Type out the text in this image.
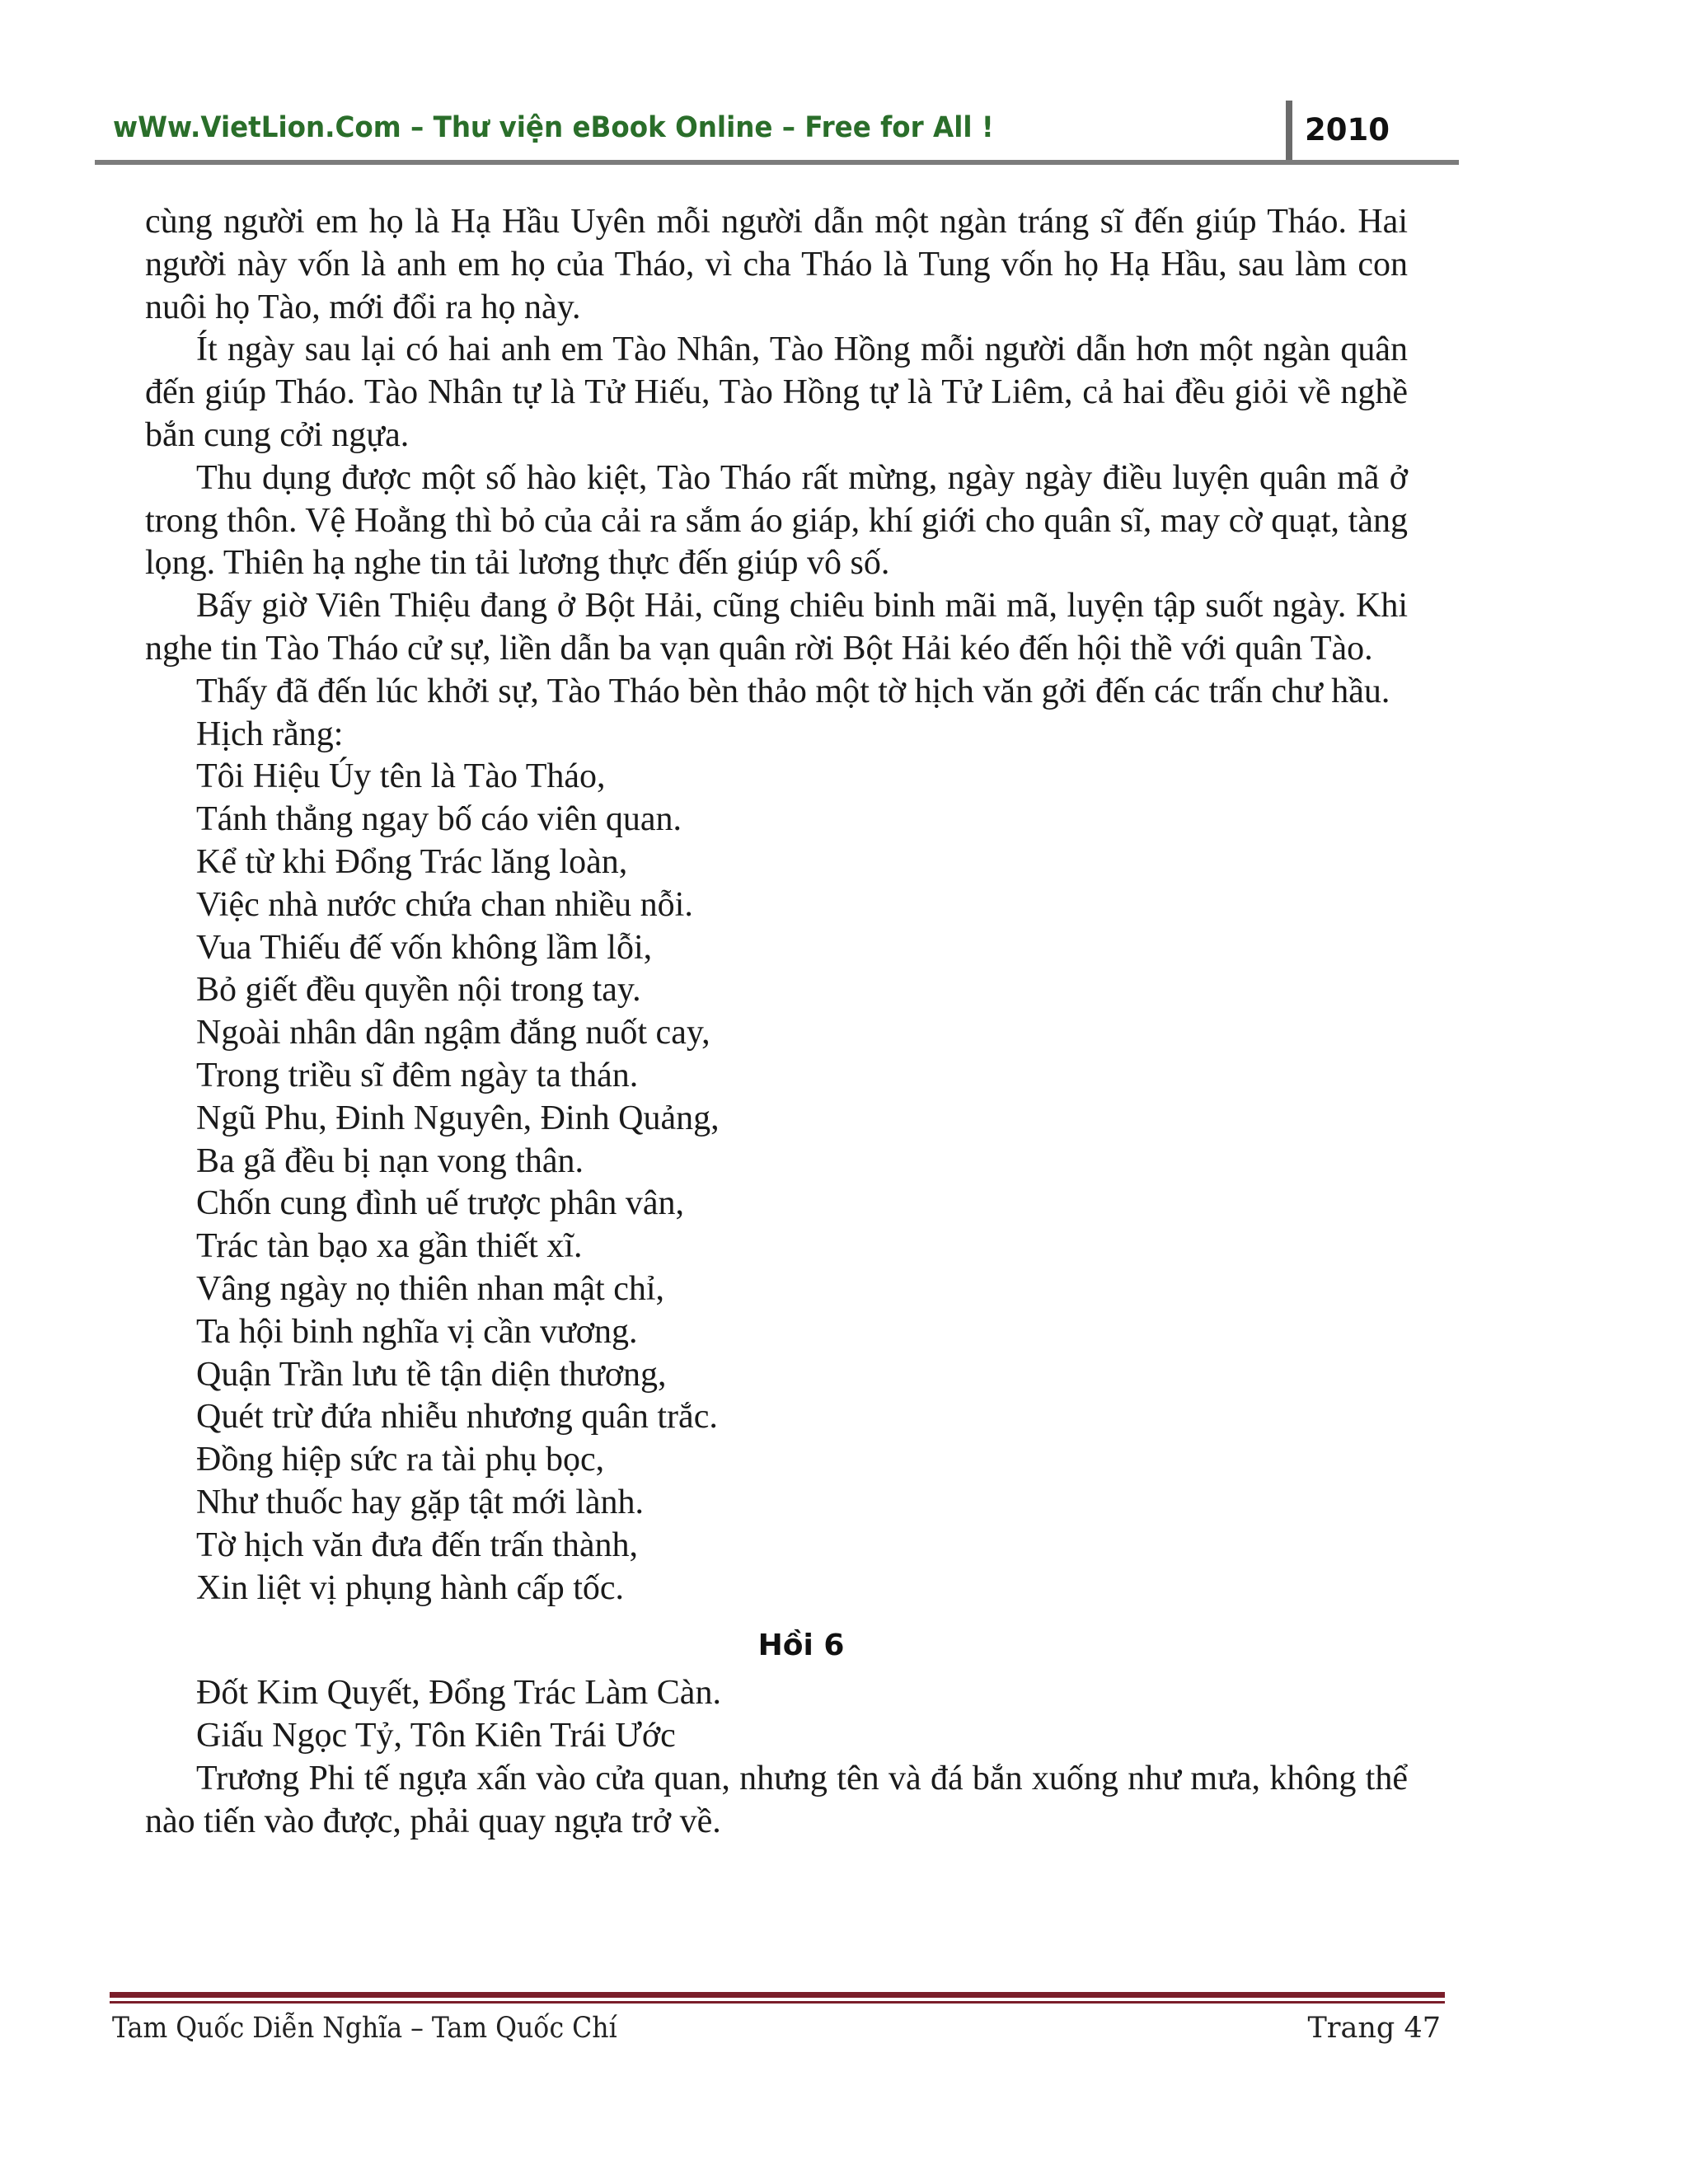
wWw.VietLion.Com – Thư viện eBook Online – Free for All !	2010

cùng người em họ là Hạ Hầu Uyên mỗi người dẫn một ngàn tráng sĩ đến giúp Tháo. Hai người này vốn là anh em họ của Tháo, vì cha Tháo là Tung vốn họ Hạ Hầu, sau làm con nuôi họ Tào, mới đổi ra họ này.

Ít ngày sau lại có hai anh em Tào Nhân, Tào Hồng mỗi người dẫn hơn một ngàn quân đến giúp Tháo. Tào Nhân tự là Tử Hiếu, Tào Hồng tự là Tử Liêm, cả hai đều giỏi về nghề bắn cung cởi ngựa.

Thu dụng được một số hào kiệt, Tào Tháo rất mừng, ngày ngày điều luyện quân mã ở trong thôn. Vệ Hoằng thì bỏ của cải ra sắm áo giáp, khí giới cho quân sĩ, may cờ quạt, tàng lọng. Thiên hạ nghe tin tải lương thực đến giúp vô số.

Bấy giờ Viên Thiệu đang ở Bột Hải, cũng chiêu binh mãi mã, luyện tập suốt ngày. Khi nghe tin Tào Tháo cử sự, liền dẫn ba vạn quân rời Bột Hải kéo đến hội thề với quân Tào.

Thấy đã đến lúc khởi sự, Tào Tháo bèn thảo một tờ hịch văn gởi đến các trấn chư hầu.

Hịch rằng:
Tôi Hiệu Úy tên là Tào Tháo,
Tánh thẳng ngay bố cáo viên quan.
Kể từ khi Đổng Trác lăng loàn,
Việc nhà nước chứa chan nhiều nỗi.
Vua Thiếu đế vốn không lầm lỗi,
Bỏ giết đều quyền nội trong tay.
Ngoài nhân dân ngậm đắng nuốt cay,
Trong triều sĩ đêm ngày ta thán.
Ngũ Phu, Đinh Nguyên, Đinh Quảng,
Ba gã đều bị nạn vong thân.
Chốn cung đình uế trược phân vân,
Trác tàn bạo xa gần thiết xĩ.
Vâng ngày nọ thiên nhan mật chỉ,
Ta hội binh nghĩa vị cần vương.
Quận Trần lưu tề tận diện thương,
Quét trừ đứa nhiễu nhương quân trắc.
Đồng hiệp sức ra tài phụ bọc,
Như thuốc hay gặp tật mới lành.
Tờ hịch văn đưa đến trấn thành,
Xin liệt vị phụng hành cấp tốc.
Hồi 6
Đốt Kim Quyết, Đổng Trác Làm Càn.
Giấu Ngọc Tỷ, Tôn Kiên Trái Ước

Trương Phi tế ngựa xấn vào cửa quan, nhưng tên và đá bắn xuống như mưa, không thể nào tiến vào được, phải quay ngựa trở về.

Tam Quốc Diễn Nghĩa – Tam Quốc Chí	Trang 47
